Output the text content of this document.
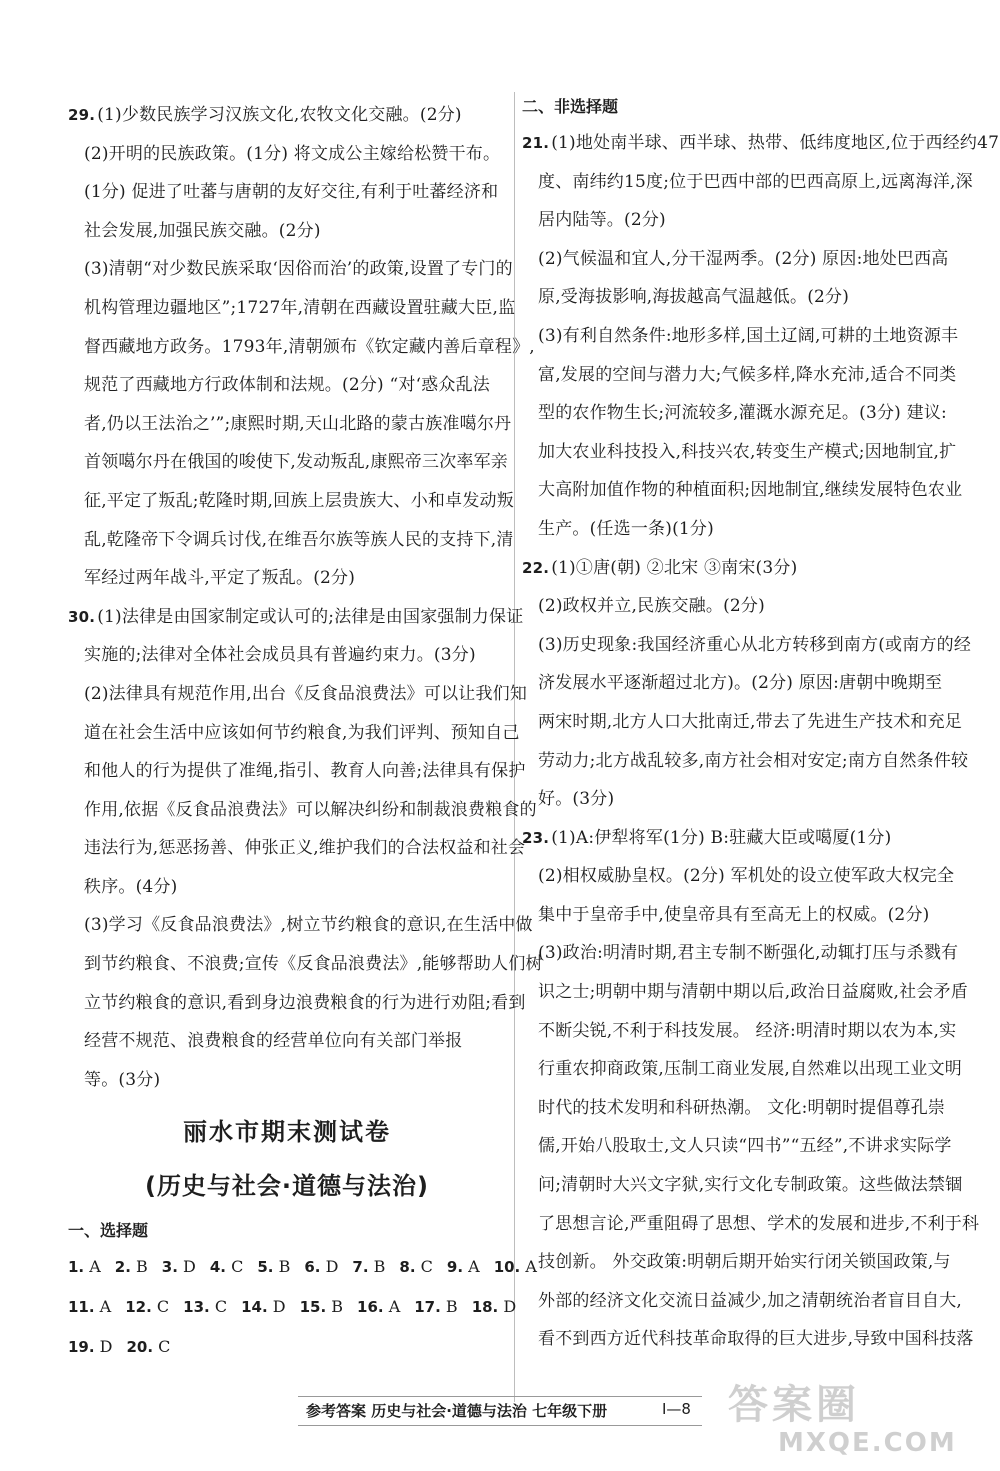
29. (1)少数民族学习汉族文化,农牧文化交融。(2分)
(2)开明的民族政策。(1分) 将文成公主嫁给松赞干布。
(1分) 促进了吐蕃与唐朝的友好交往,有利于吐蕃经济和
社会发展,加强民族交融。(2分)
(3)清朝“对少数民族采取‘因俗而治’的政策,设置了专门的
机构管理边疆地区”;1727年,清朝在西藏设置驻藏大臣,监
督西藏地方政务。1793年,清朝颁布《钦定藏内善后章程》,
规范了西藏地方行政体制和法规。(2分) “对‘惑众乱法
者,仍以王法治之’”;康熙时期,天山北路的蒙古族准噶尔丹
首领噶尔丹在俄国的唆使下,发动叛乱,康熙帝三次率军亲
征,平定了叛乱;乾隆时期,回族上层贵族大、小和卓发动叛
乱,乾隆帝下令调兵讨伐,在维吾尔族等族人民的支持下,清
军经过两年战斗,平定了叛乱。(2分)
30. (1)法律是由国家制定或认可的;法律是由国家强制力保证
实施的;法律对全体社会成员具有普遍约束力。(3分)
(2)法律具有规范作用,出台《反食品浪费法》可以让我们知
道在社会生活中应该如何节约粮食,为我们评判、预知自己
和他人的行为提供了准绳,指引、教育人向善;法律具有保护
作用,依据《反食品浪费法》可以解决纠纷和制裁浪费粮食的
违法行为,惩恶扬善、伸张正义,维护我们的合法权益和社会
秩序。(4分)
(3)学习《反食品浪费法》,树立节约粮食的意识,在生活中做
到节约粮食、不浪费;宣传《反食品浪费法》,能够帮助人们树
立节约粮食的意识,看到身边浪费粮食的行为进行劝阻;看到
经营不规范、浪费粮食的经营单位向有关部门举报
等。(3分)
丽水市期末测试卷
(历史与社会·道德与法治)
一、选择题
1. A 2. B 3. D 4. C 5. B 6. D 7. B 8. C 9. A 10. A
11. A 12. C 13. C 14. D 15. B 16. A 17. B 18. D
19. D 20. C
二、非选择题
21. (1)地处南半球、西半球、热带、低纬度地区,位于西经约47
度、南纬约15度;位于巴西中部的巴西高原上,远离海洋,深
居内陆等。(2分)
(2)气候温和宜人,分干湿两季。(2分) 原因:地处巴西高
原,受海拔影响,海拔越高气温越低。(2分)
(3)有利自然条件:地形多样,国土辽阔,可耕的土地资源丰
富,发展的空间与潜力大;气候多样,降水充沛,适合不同类
型的农作物生长;河流较多,灌溉水源充足。(3分) 建议:
加大农业科技投入,科技兴农,转变生产模式;因地制宜,扩
大高附加值作物的种植面积;因地制宜,继续发展特色农业
生产。(任选一条)(1分)
22. (1)①唐(朝) ②北宋 ③南宋(3分)
(2)政权并立,民族交融。(2分)
(3)历史现象:我国经济重心从北方转移到南方(或南方的经
济发展水平逐渐超过北方)。(2分) 原因:唐朝中晚期至
两宋时期,北方人口大批南迁,带去了先进生产技术和充足
劳动力;北方战乱较多,南方社会相对安定;南方自然条件较
好。(3分)
23. (1)A:伊犁将军(1分) B:驻藏大臣或噶厦(1分)
(2)相权威胁皇权。(2分) 军机处的设立使军政大权完全
集中于皇帝手中,使皇帝具有至高无上的权威。(2分)
(3)政治:明清时期,君主专制不断强化,动辄打压与杀戮有
识之士;明朝中期与清朝中期以后,政治日益腐败,社会矛盾
不断尖锐,不利于科技发展。 经济:明清时期以农为本,实
行重农抑商政策,压制工商业发展,自然难以出现工业文明
时代的技术发明和科研热潮。 文化:明朝时提倡尊孔崇
儒,开始八股取士,文人只读“四书”“五经”,不讲求实际学
问;清朝时大兴文字狱,实行文化专制政策。这些做法禁锢
了思想言论,严重阻碍了思想、学术的发展和进步,不利于科
技创新。 外交政策:明朝后期开始实行闭关锁国政策,与
外部的经济文化交流日益减少,加之清朝统治者盲目自大,
看不到西方近代科技革命取得的巨大进步,导致中国科技落
参考答案 历史与社会·道德与法治 七年级下册	Ⅰ—8 答案圈
MXQE.COM
